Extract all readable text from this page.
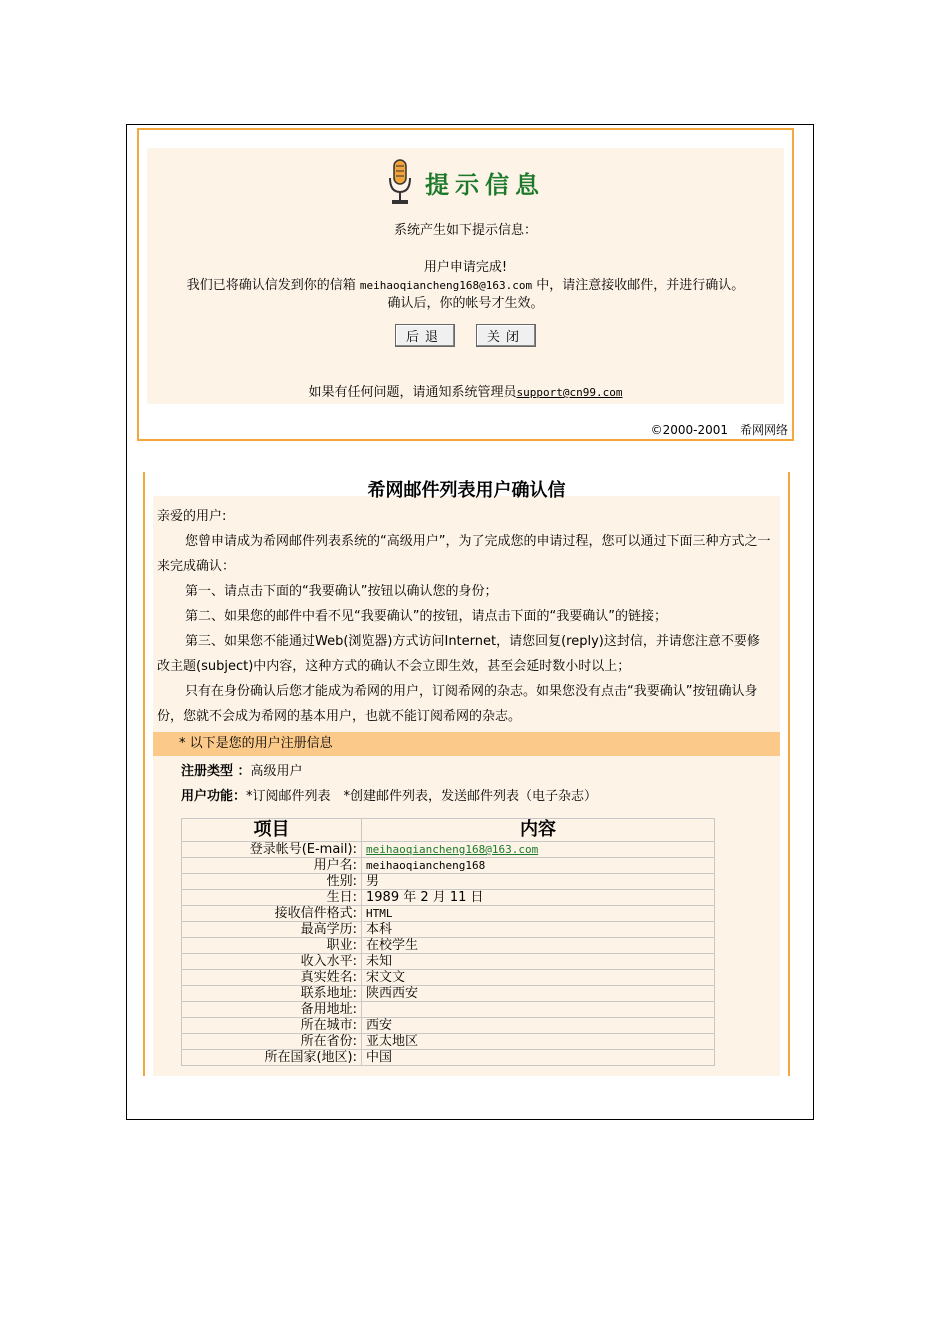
提示信息
系统产生如下提示信息：
用户申请完成!
我们已将确认信发到你的信箱 meihaoqiancheng168@163.com 中，请注意接收邮件，并进行确认。
确认后，你的帐号才生效。
后退	关闭
如果有任何问题，请通知系统管理员support@cn99.com
©2000-2001　希网网络
希网邮件列表用户确认信
亲爱的用户:
您曾申请成为希网邮件列表系统的“高级用户”，为了完成您的申请过程，您可以通过下面三种方式之一来完成确认：
第一、请点击下面的“我要确认”按钮以确认您的身份；
第二、如果您的邮件中看不见“我要确认”的按钮，请点击下面的“我要确认”的链接；
第三、如果您不能通过Web(浏览器)方式访问Internet，请您回复(reply)这封信，并请您注意不要修改主题(subject)中内容，这种方式的确认不会立即生效，甚至会延时数小时以上；
只有在身份确认后您才能成为希网的用户，订阅希网的杂志。如果您没有点击“我要确认”按钮确认身份，您就不会成为希网的基本用户，也就不能订阅希网的杂志。
* 以下是您的用户注册信息
注册类型 ：高级用户
用户功能：*订阅邮件列表　*创建邮件列表，发送邮件列表（电子杂志）
项目	内容
登录帐号(E-mail):	meihaoqiancheng168@163.com
用户名:	meihaoqiancheng168
性别:	男
生日:	1989 年 2 月 11 日
接收信件格式:	HTML
最高学历:	本科
职业:	在校学生
收入水平:	未知
真实姓名:	宋文文
联系地址:	陕西西安
备用地址:	
所在城市:	西安
所在省份:	亚太地区
所在国家(地区):	中国
